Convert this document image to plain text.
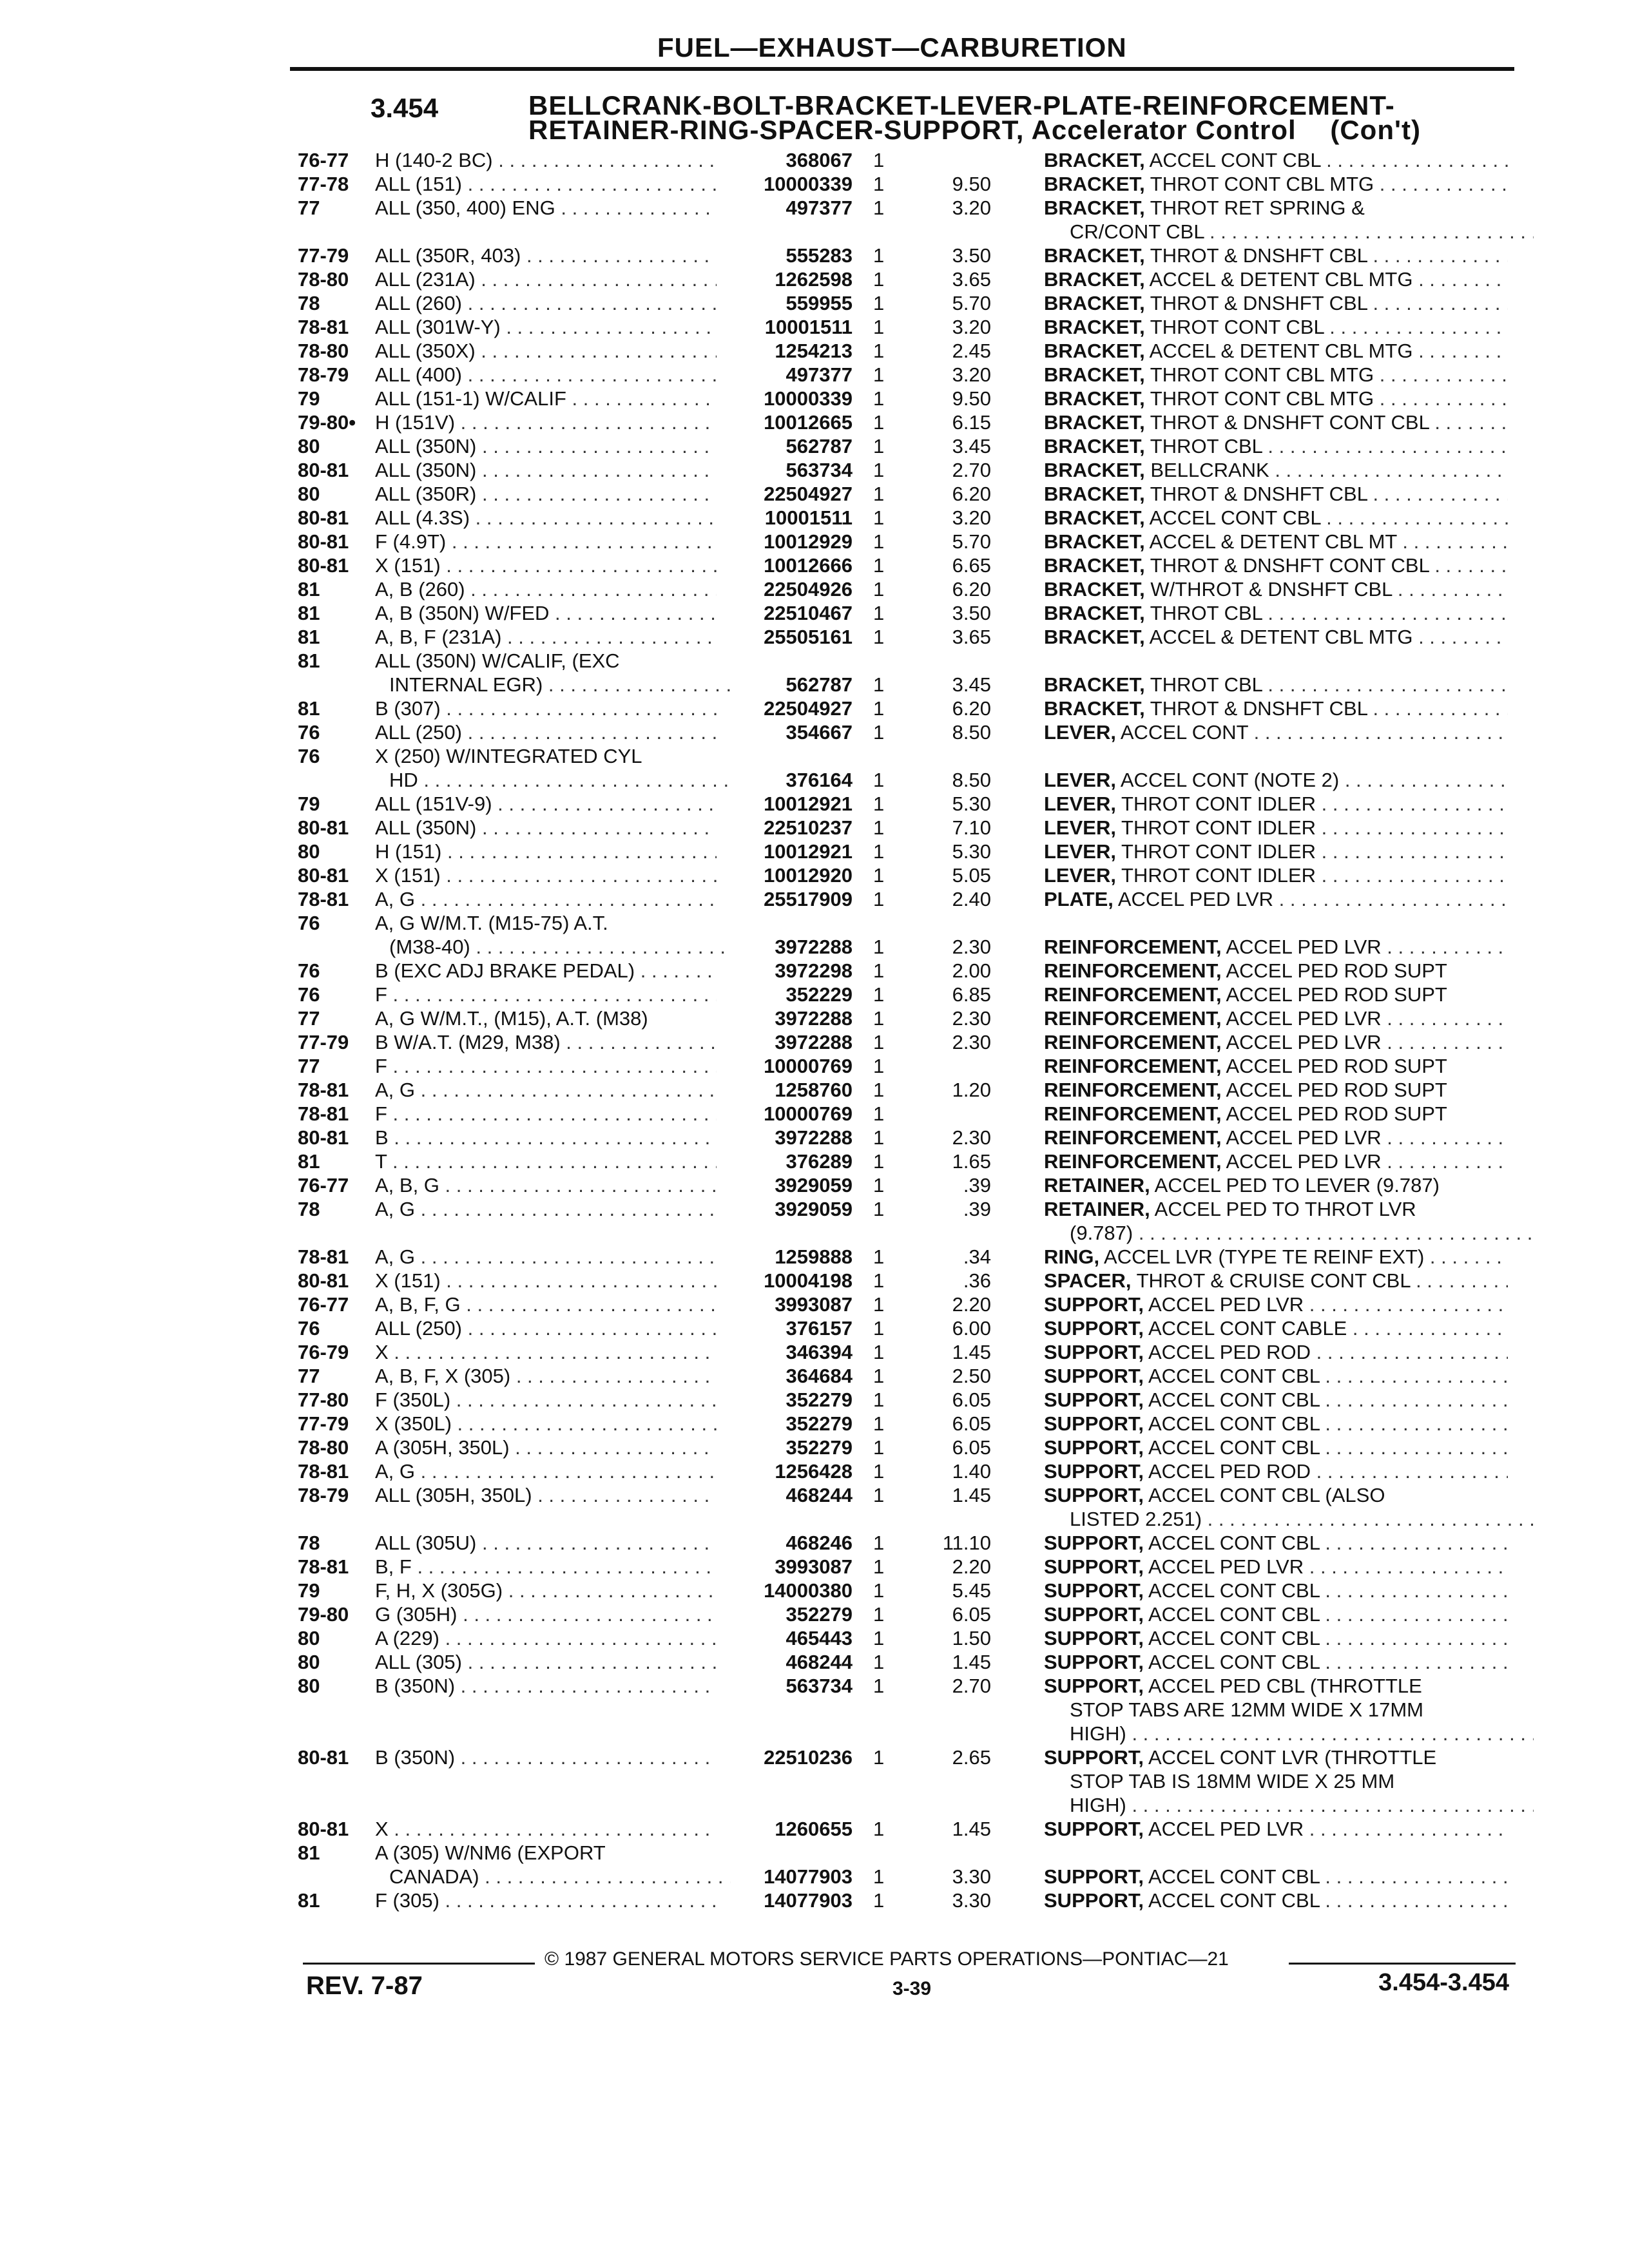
FUEL—EXHAUST—CARBURETION
3.454	BELLCRANK-BOLT-BRACKET-LEVER-PLATE-REINFORCEMENT-
RETAINER-RING-SPACER-SUPPORT, Accelerator Control (Con't)
76-77 H (140-2 BC) . . .	368067 1	BRACKET, ACCEL CONT CBL . . .
77-78 ALL (151) . . .	10000339 1	9.50	BRACKET, THROT CONT CBL MTG . . .
77	ALL (350, 400) ENG . . .	497377 1	3.20	BRACKET, THROT RET SPRING &
CR/CONT CBL . . .
77-79 ALL (350R, 403) . . .	555283 1	3.50	BRACKET, THROT & DNSHFT CBL . . .
78-80 ALL (231A) . . .	1262598 1	3.65	BRACKET, ACCEL & DETENT CBL MTG . . .
78	ALL (260) . . .	559955 1	5.70	BRACKET, THROT & DNSHFT CBL . . .
78-81 ALL (301W-Y) . . .	10001511 1	3.20	BRACKET, THROT CONT CBL . . .
78-80 ALL (350X) . . .	1254213 1	2.45	BRACKET, ACCEL & DETENT CBL MTG . . .
78-79 ALL (400) . . .	497377 1	3.20	BRACKET, THROT CONT CBL MTG . . .
79	ALL (151-1) W/CALIF . . .	10000339 1	9.50	BRACKET, THROT CONT CBL MTG . . .
79-80 •	H (151V) . . .	10012665 1	6.15	BRACKET, THROT & DNSHFT CONT CBL . . .
80	ALL (350N) . . .	562787 1	3.45	BRACKET, THROT CBL . . .
80-81 ALL (350N) . . .	563734 1	2.70	BRACKET, BELLCRANK . . .
80	ALL (350R) . . .	22504927 1	6.20	BRACKET, THROT & DNSHFT CBL . . .
80-81 ALL (4.3S) . . .	10001511 1	3.20	BRACKET, ACCEL CONT CBL . . .
80-81 F (4.9T) . . .	10012929 1	5.70	BRACKET, ACCEL & DETENT CBL MT . . .
80-81 X (151) . . .	10012666 1	6.65	BRACKET, THROT & DNSHFT CONT CBL . . .
81	A, B (260) . . .	22504926 1	6.20	BRACKET, W/THROT & DNSHFT CBL . . .
81	A, B (350N) W/FED . . .	22510467 1	3.50	BRACKET, THROT CBL . . .
81	A, B, F (231A) . . .	25505161 1	3.65	BRACKET, ACCEL & DETENT CBL MTG . . .
81	ALL (350N) W/CALIF, (EXC
INTERNAL EGR) . . .	562787 1	3.45	BRACKET, THROT CBL . . .
81	B (307) . . .	22504927 1	6.20	BRACKET, THROT & DNSHFT CBL . . .
76	ALL (250) . . .	354667 1	8.50	LEVER, ACCEL CONT . . .
76	X (250) W/INTEGRATED CYL
HD . . .	376164 1	8.50	LEVER, ACCEL CONT (NOTE 2) . . .
79	ALL (151V-9) . . .	10012921 1	5.30	LEVER, THROT CONT IDLER . . .
80-81 ALL (350N) . . .	22510237 1	7.10	LEVER, THROT CONT IDLER . . .
80	H (151) . . .	10012921 1	5.30	LEVER, THROT CONT IDLER . . .
80-81 X (151) . . .	10012920 1	5.05	LEVER, THROT CONT IDLER . . .
78-81 A, G . . .	25517909 1	2.40	PLATE, ACCEL PED LVR . . .
76	A, G W/M.T. (M15-75) A.T.
(M38-40) . . .	3972288 1	2.30	REINFORCEMENT, ACCEL PED LVR . . .
76	B (EXC ADJ BRAKE PEDAL) . . .	3972298 1	2.00	REINFORCEMENT, ACCEL PED ROD SUPT
76	F . . .	352229 1	6.85	REINFORCEMENT, ACCEL PED ROD SUPT
77	A, G W/M.T., (M15), A.T. (M38)	3972288 1	2.30	REINFORCEMENT, ACCEL PED LVR . . .
77-79 B W/A.T. (M29, M38) . . .	3972288 1	2.30	REINFORCEMENT, ACCEL PED LVR . . .
77	F . . .	10000769 1	REINFORCEMENT, ACCEL PED ROD SUPT
78-81 A, G . . .	1258760 1	1.20	REINFORCEMENT, ACCEL PED ROD SUPT
78-81 F . . .	10000769 1	REINFORCEMENT, ACCEL PED ROD SUPT
80-81 B . . .	3972288 1	2.30	REINFORCEMENT, ACCEL PED LVR . . .
81	T . . .	376289 1	1.65	REINFORCEMENT, ACCEL PED LVR . . .
76-77 A, B, G . . .	3929059 1	.39	RETAINER, ACCEL PED TO LEVER (9.787)
78	A, G . . .	3929059 1	.39	RETAINER, ACCEL PED TO THROT LVR
(9.787) . . .
78-81 A, G . . .	1259888 1	.34	RING, ACCEL LVR (TYPE TE REINF EXT) . . .
80-81 X (151) . . .	10004198 1	.36	SPACER, THROT & CRUISE CONT CBL . . .
76-77 A, B, F, G . . .	3993087 1	2.20	SUPPORT, ACCEL PED LVR . . .
76	ALL (250) . . .	376157 1	6.00	SUPPORT, ACCEL CONT CABLE . . .
76-79 X . . .	346394 1	1.45	SUPPORT, ACCEL PED ROD . . .
77	A, B, F, X (305) . . .	364684 1	2.50	SUPPORT, ACCEL CONT CBL . . .
77-80 F (350L) . . .	352279 1	6.05	SUPPORT, ACCEL CONT CBL . . .
77-79 X (350L) . . .	352279 1	6.05	SUPPORT, ACCEL CONT CBL . . .
78-80 A (305H, 350L) . . .	352279 1	6.05	SUPPORT, ACCEL CONT CBL . . .
78-81 A, G . . .	1256428 1	1.40	SUPPORT, ACCEL PED ROD . . .
78-79 ALL (305H, 350L) . . .	468244 1	1.45	SUPPORT, ACCEL CONT CBL (ALSO
LISTED 2.251) . . .
78	ALL (305U) . . .	468246 1	11.10	SUPPORT, ACCEL CONT CBL . . .
78-81 B, F . . .	3993087 1	2.20	SUPPORT, ACCEL PED LVR . . .
79	F, H, X (305G) . . .	14000380 1	5.45	SUPPORT, ACCEL CONT CBL . . .
79-80 G (305H) . . .	352279 1	6.05	SUPPORT, ACCEL CONT CBL . . .
80	A (229) . . .	465443 1	1.50	SUPPORT, ACCEL CONT CBL . . .
80	ALL (305) . . .	468244 1	1.45	SUPPORT, ACCEL CONT CBL . . .
80	B (350N) . . .	563734 1	2.70	SUPPORT, ACCEL PED CBL (THROTTLE
STOP TABS ARE 12MM WIDE X 17MM
HIGH) . . .
80-81 B (350N) . . .	22510236 1	2.65	SUPPORT, ACCEL CONT LVR (THROTTLE
STOP TAB IS 18MM WIDE X 25 MM
HIGH) . . .
80-81 X . . .	1260655 1	1.45	SUPPORT, ACCEL PED LVR . . .
81	A (305) W/NM6 (EXPORT
CANADA) . . .	14077903 1	3.30	SUPPORT, ACCEL CONT CBL . . .
81	F (305) . . .	14077903 1	3.30	SUPPORT, ACCEL CONT CBL . . .
© 1987 GENERAL MOTORS SERVICE PARTS OPERATIONS—PONTIAC—21
REV. 7-87	3-39	3.454-3.454
